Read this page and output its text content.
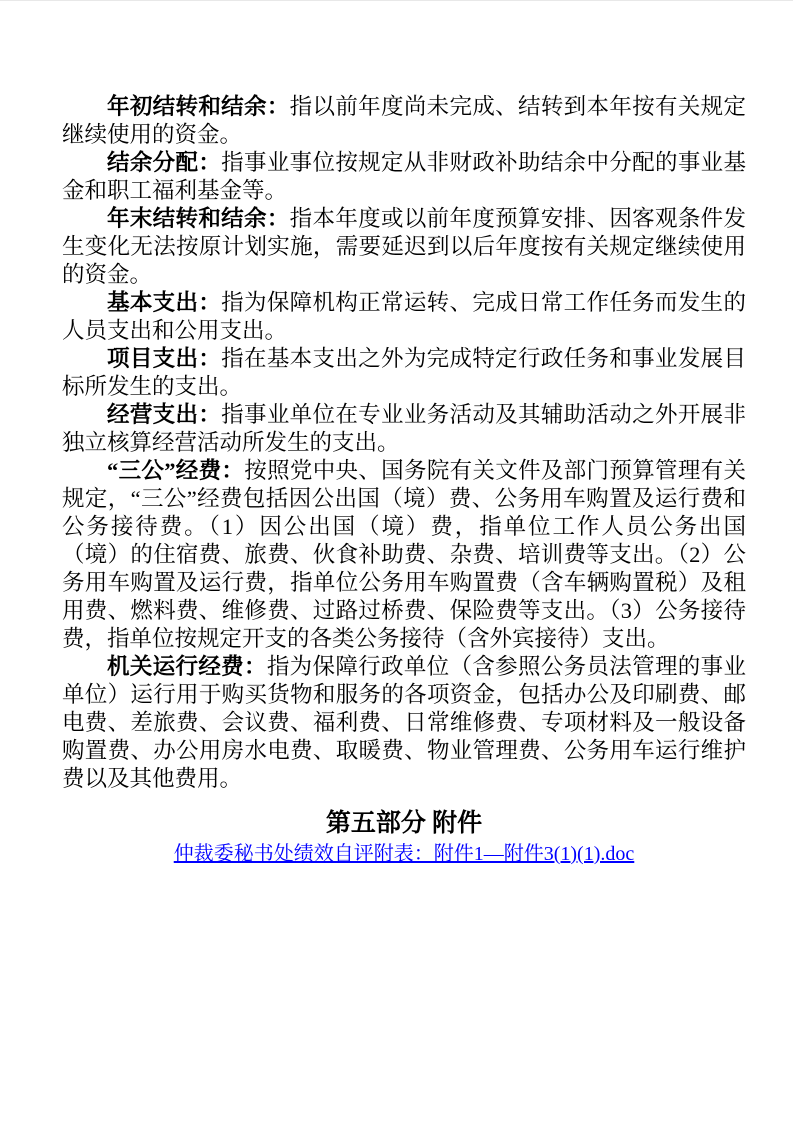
年初结转和结余：指以前年度尚未完成、结转到本年按有关规定继续使用的资金。

结余分配：指事业事位按规定从非财政补助结余中分配的事业基金和职工福利基金等。

年末结转和结余：指本年度或以前年度预算安排、因客观条件发生变化无法按原计划实施，需要延迟到以后年度按有关规定继续使用的资金。

基本支出：指为保障机构正常运转、完成日常工作任务而发生的人员支出和公用支出。

项目支出：指在基本支出之外为完成特定行政任务和事业发展目标所发生的支出。

经营支出：指事业单位在专业业务活动及其辅助活动之外开展非独立核算经营活动所发生的支出。

“三公”经费：按照党中央、国务院有关文件及部门预算管理有关规定，“三公”经费包括因公出国（境）费、公务用车购置及运行费和公务接待费。（1）因公出国（境）费，指单位工作人员公务出国（境）的住宿费、旅费、伙食补助费、杂费、培训费等支出。（2）公务用车购置及运行费，指单位公务用车购置费（含车辆购置税）及租用费、燃料费、维修费、过路过桥费、保险费等支出。（3）公务接待费，指单位按规定开支的各类公务接待（含外宾接待）支出。

机关运行经费：指为保障行政单位（含参照公务员法管理的事业单位）运行用于购买货物和服务的各项资金，包括办公及印刷费、邮电费、差旅费、会议费、福利费、日常维修费、专项材料及一般设备购置费、办公用房水电费、取暖费、物业管理费、公务用车运行维护费以及其他费用。

第五部分 附件

仲裁委秘书处绩效自评附表：附件1—附件3(1)(1).doc
